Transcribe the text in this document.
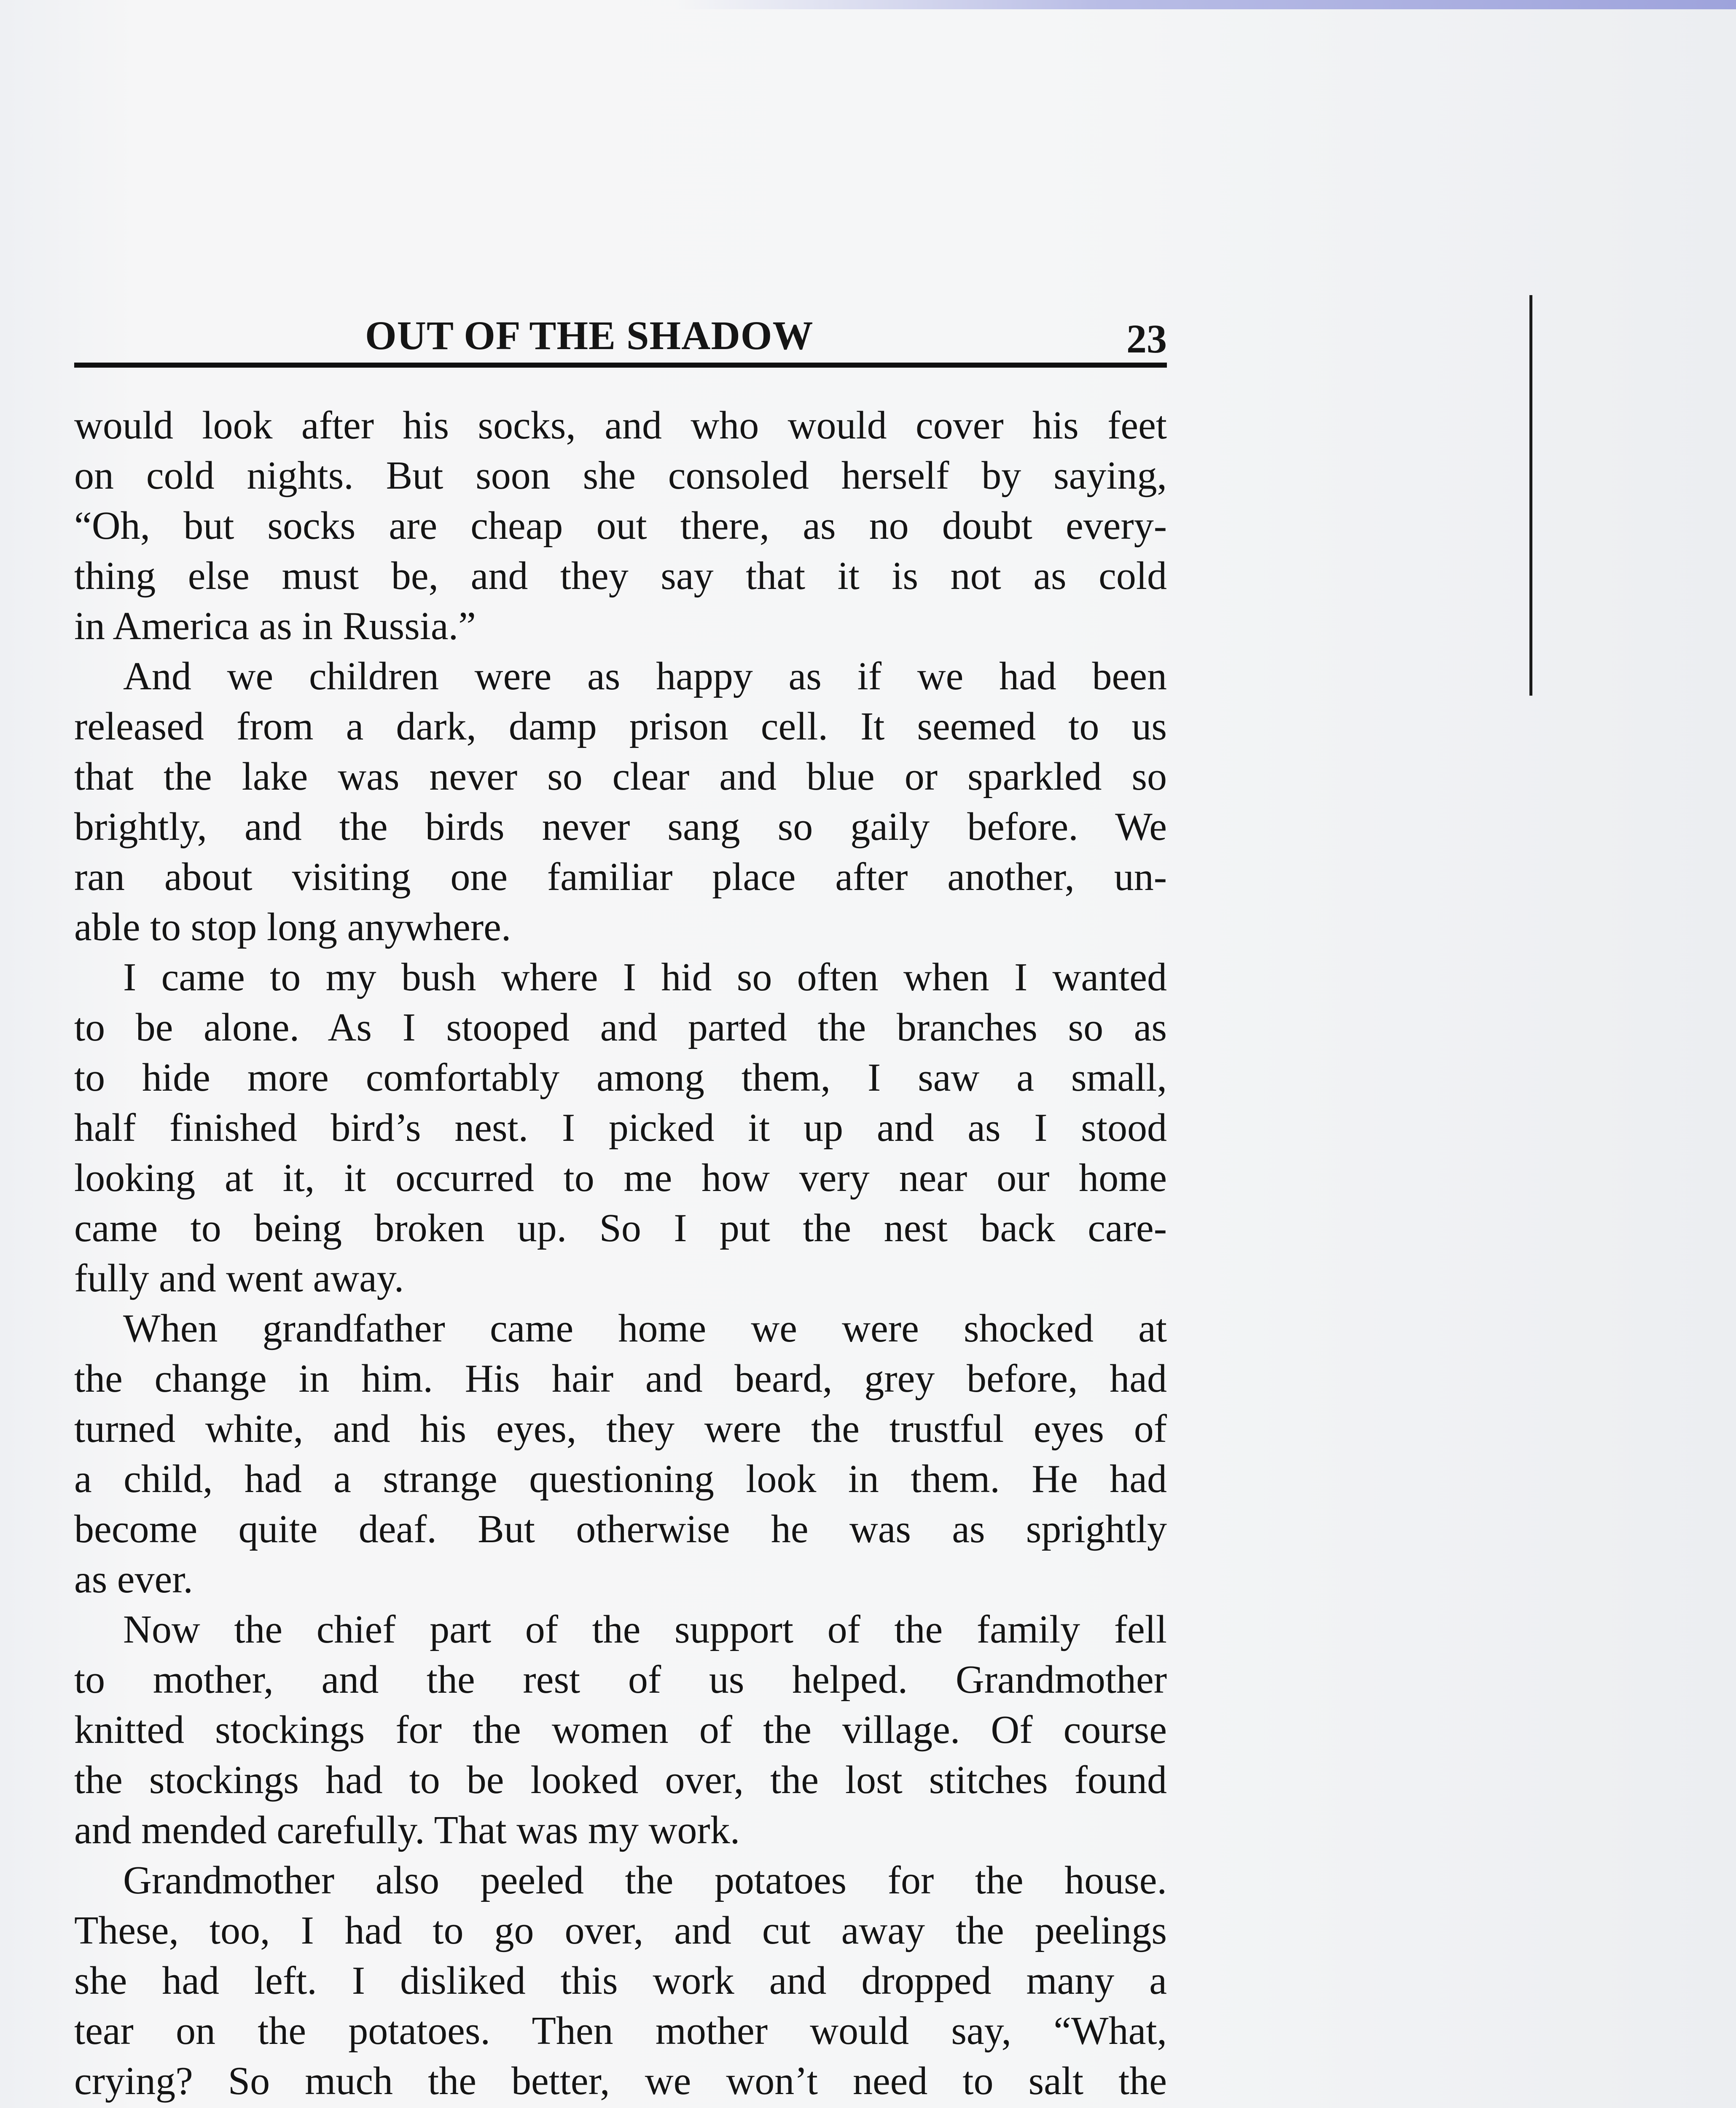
OUT OF THE SHADOW	23
would look after his socks, and who would cover his feet
on cold nights. But soon she consoled herself by saying,
“Oh, but socks are cheap out there, as no doubt every-
thing else must be, and they say that it is not as cold
in America as in Russia.”
And we children were as happy as if we had been
released from a dark, damp prison cell. It seemed to us
that the lake was never so clear and blue or sparkled so
brightly, and the birds never sang so gaily before. We
ran about visiting one familiar place after another, un-
able to stop long anywhere.
I came to my bush where I hid so often when I wanted
to be alone. As I stooped and parted the branches so as
to hide more comfortably among them, I saw a small,
half finished bird’s nest. I picked it up and as I stood
looking at it, it occurred to me how very near our home
came to being broken up. So I put the nest back care-
fully and went away.
When grandfather came home we were shocked at
the change in him. His hair and beard, grey before, had
turned white, and his eyes, they were the trustful eyes of
a child, had a strange questioning look in them. He had
become quite deaf. But otherwise he was as sprightly
as ever.
Now the chief part of the support of the family fell
to mother, and the rest of us helped. Grandmother
knitted stockings for the women of the village. Of course
the stockings had to be looked over, the lost stitches found
and mended carefully. That was my work.
Grandmother also peeled the potatoes for the house.
These, too, I had to go over, and cut away the peelings
she had left. I disliked this work and dropped many a
tear on the potatoes. Then mother would say, “What,
crying? So much the better, we won’t need to salt the
